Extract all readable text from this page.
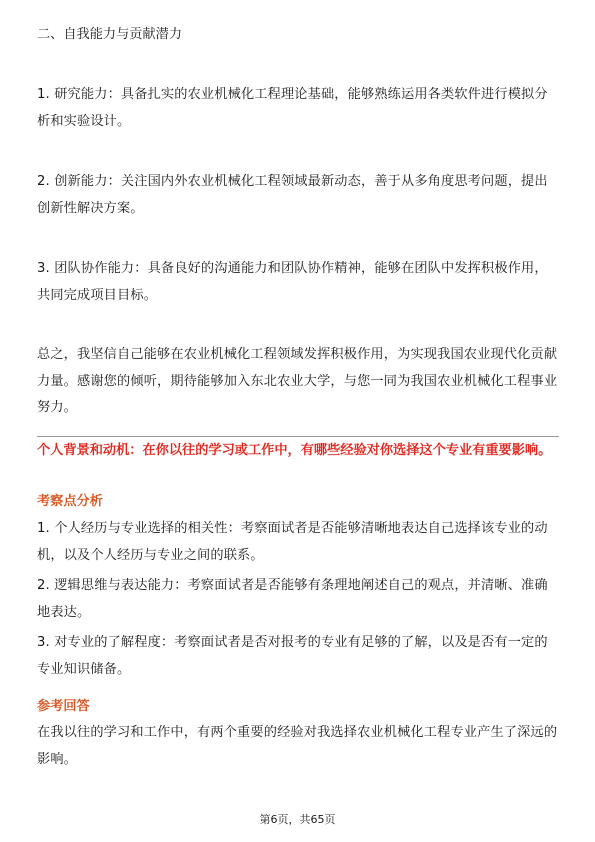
二、自我能力与贡献潜力

1. 研究能力：具备扎实的农业机械化工程理论基础，能够熟练运用各类软件进行模拟分析和实验设计。

2. 创新能力：关注国内外农业机械化工程领域最新动态，善于从多角度思考问题，提出创新性解决方案。

3. 团队协作能力：具备良好的沟通能力和团队协作精神，能够在团队中发挥积极作用，共同完成项目目标。

总之，我坚信自己能够在农业机械化工程领域发挥积极作用，为实现我国农业现代化贡献力量。感谢您的倾听，期待能够加入东北农业大学，与您一同为我国农业机械化工程事业努力。

个人背景和动机：在你以往的学习或工作中，有哪些经验对你选择这个专业有重要影响。
考察点分析

1. 个人经历与专业选择的相关性：考察面试者是否能够清晰地表达自己选择该专业的动机，以及个人经历与专业之间的联系。

2. 逻辑思维与表达能力：考察面试者是否能够有条理地阐述自己的观点，并清晰、准确地表达。

3. 对专业的了解程度：考察面试者是否对报考的专业有足够的了解，以及是否有一定的专业知识储备。

参考回答

在我以往的学习和工作中，有两个重要的经验对我选择农业机械化工程专业产生了深远的影响。

第6页，共65页
